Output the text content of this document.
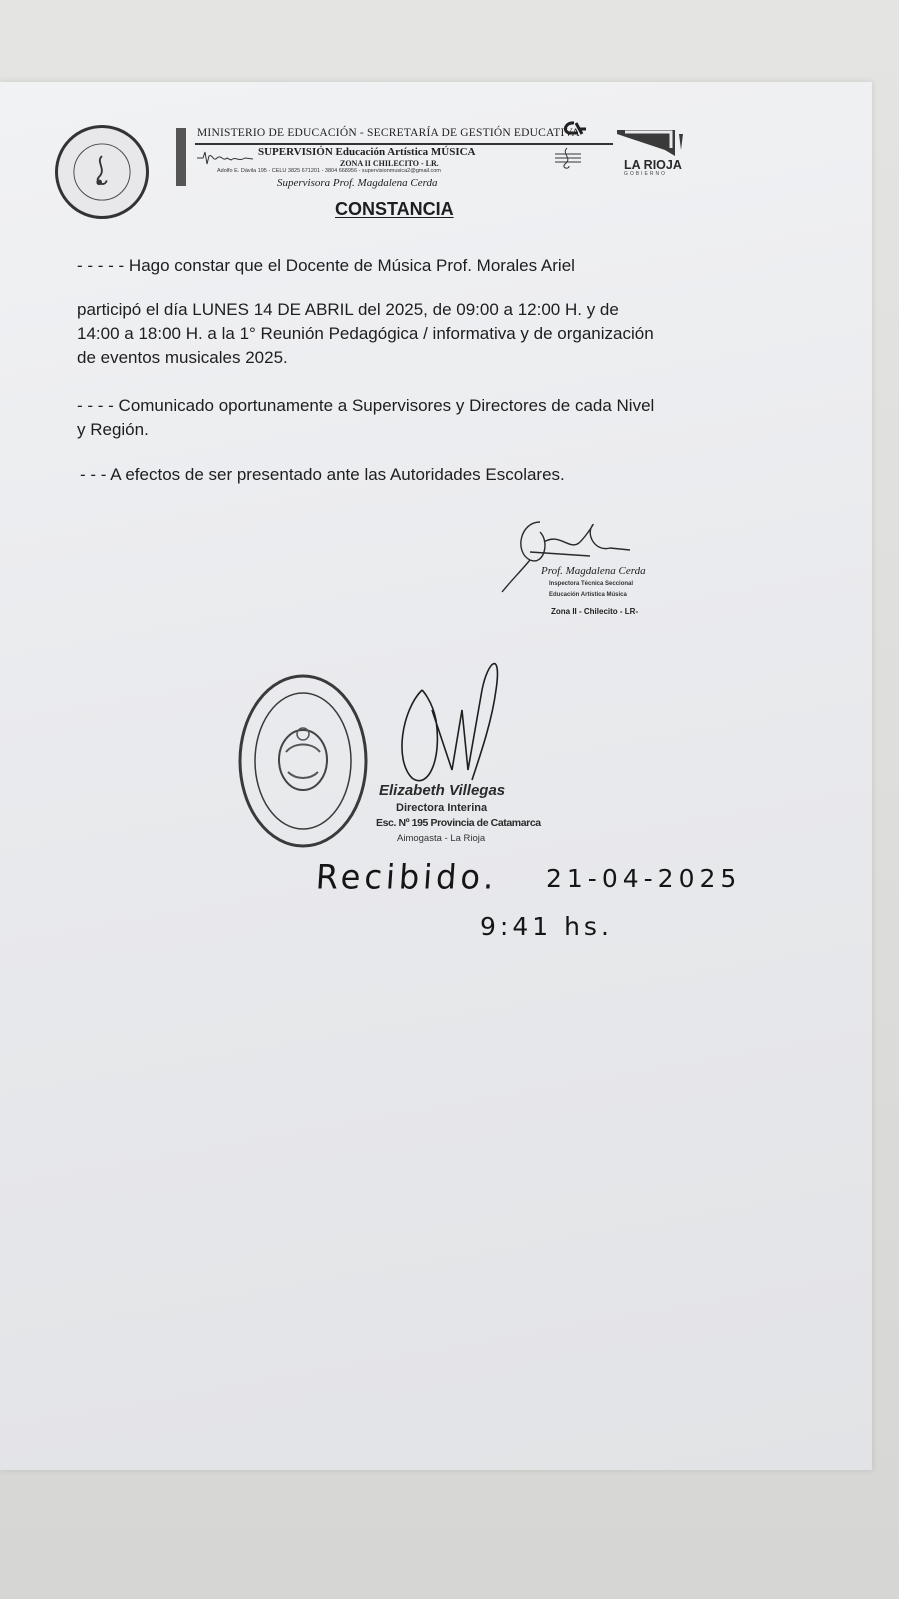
MINISTERIO DE EDUCACIÓN - SECRETARÍA DE GESTIÓN EDUCATIVA
SUPERVISIÓN Educación Artística MÚSICA
ZONA II CHILECITO - LR.
Adolfo E. Dávila 195 - CELU 3825 671201 - 3804 668956 - supervisionmusica2@gmail.com
Supervisora Prof. Magdalena Cerda
LA RIOJA
GOBIERNO
CONSTANCIA

- - - - - Hago constar que el Docente de Música Prof. Morales Ariel

participó el día LUNES 14 DE ABRIL del 2025, de 09:00 a 12:00 H. y de

14:00 a 18:00 H. a la 1° Reunión Pedagógica / informativa y de organización

de eventos musicales 2025.

- - - - Comunicado oportunamente a Supervisores y Directores de cada Nivel

y Región.

- - - A efectos de ser presentado ante las Autoridades Escolares.

Prof. Magdalena Cerda
Inspectora Técnica Seccional
Educación Artística Música
Zona II - Chilecito - LR-
Elizabeth Villegas
Directora Interina
Esc. Nº 195 Provincia de Catamarca
Aimogasta - La Rioja
Recibido. 21-04-2025
9:41 hs.
